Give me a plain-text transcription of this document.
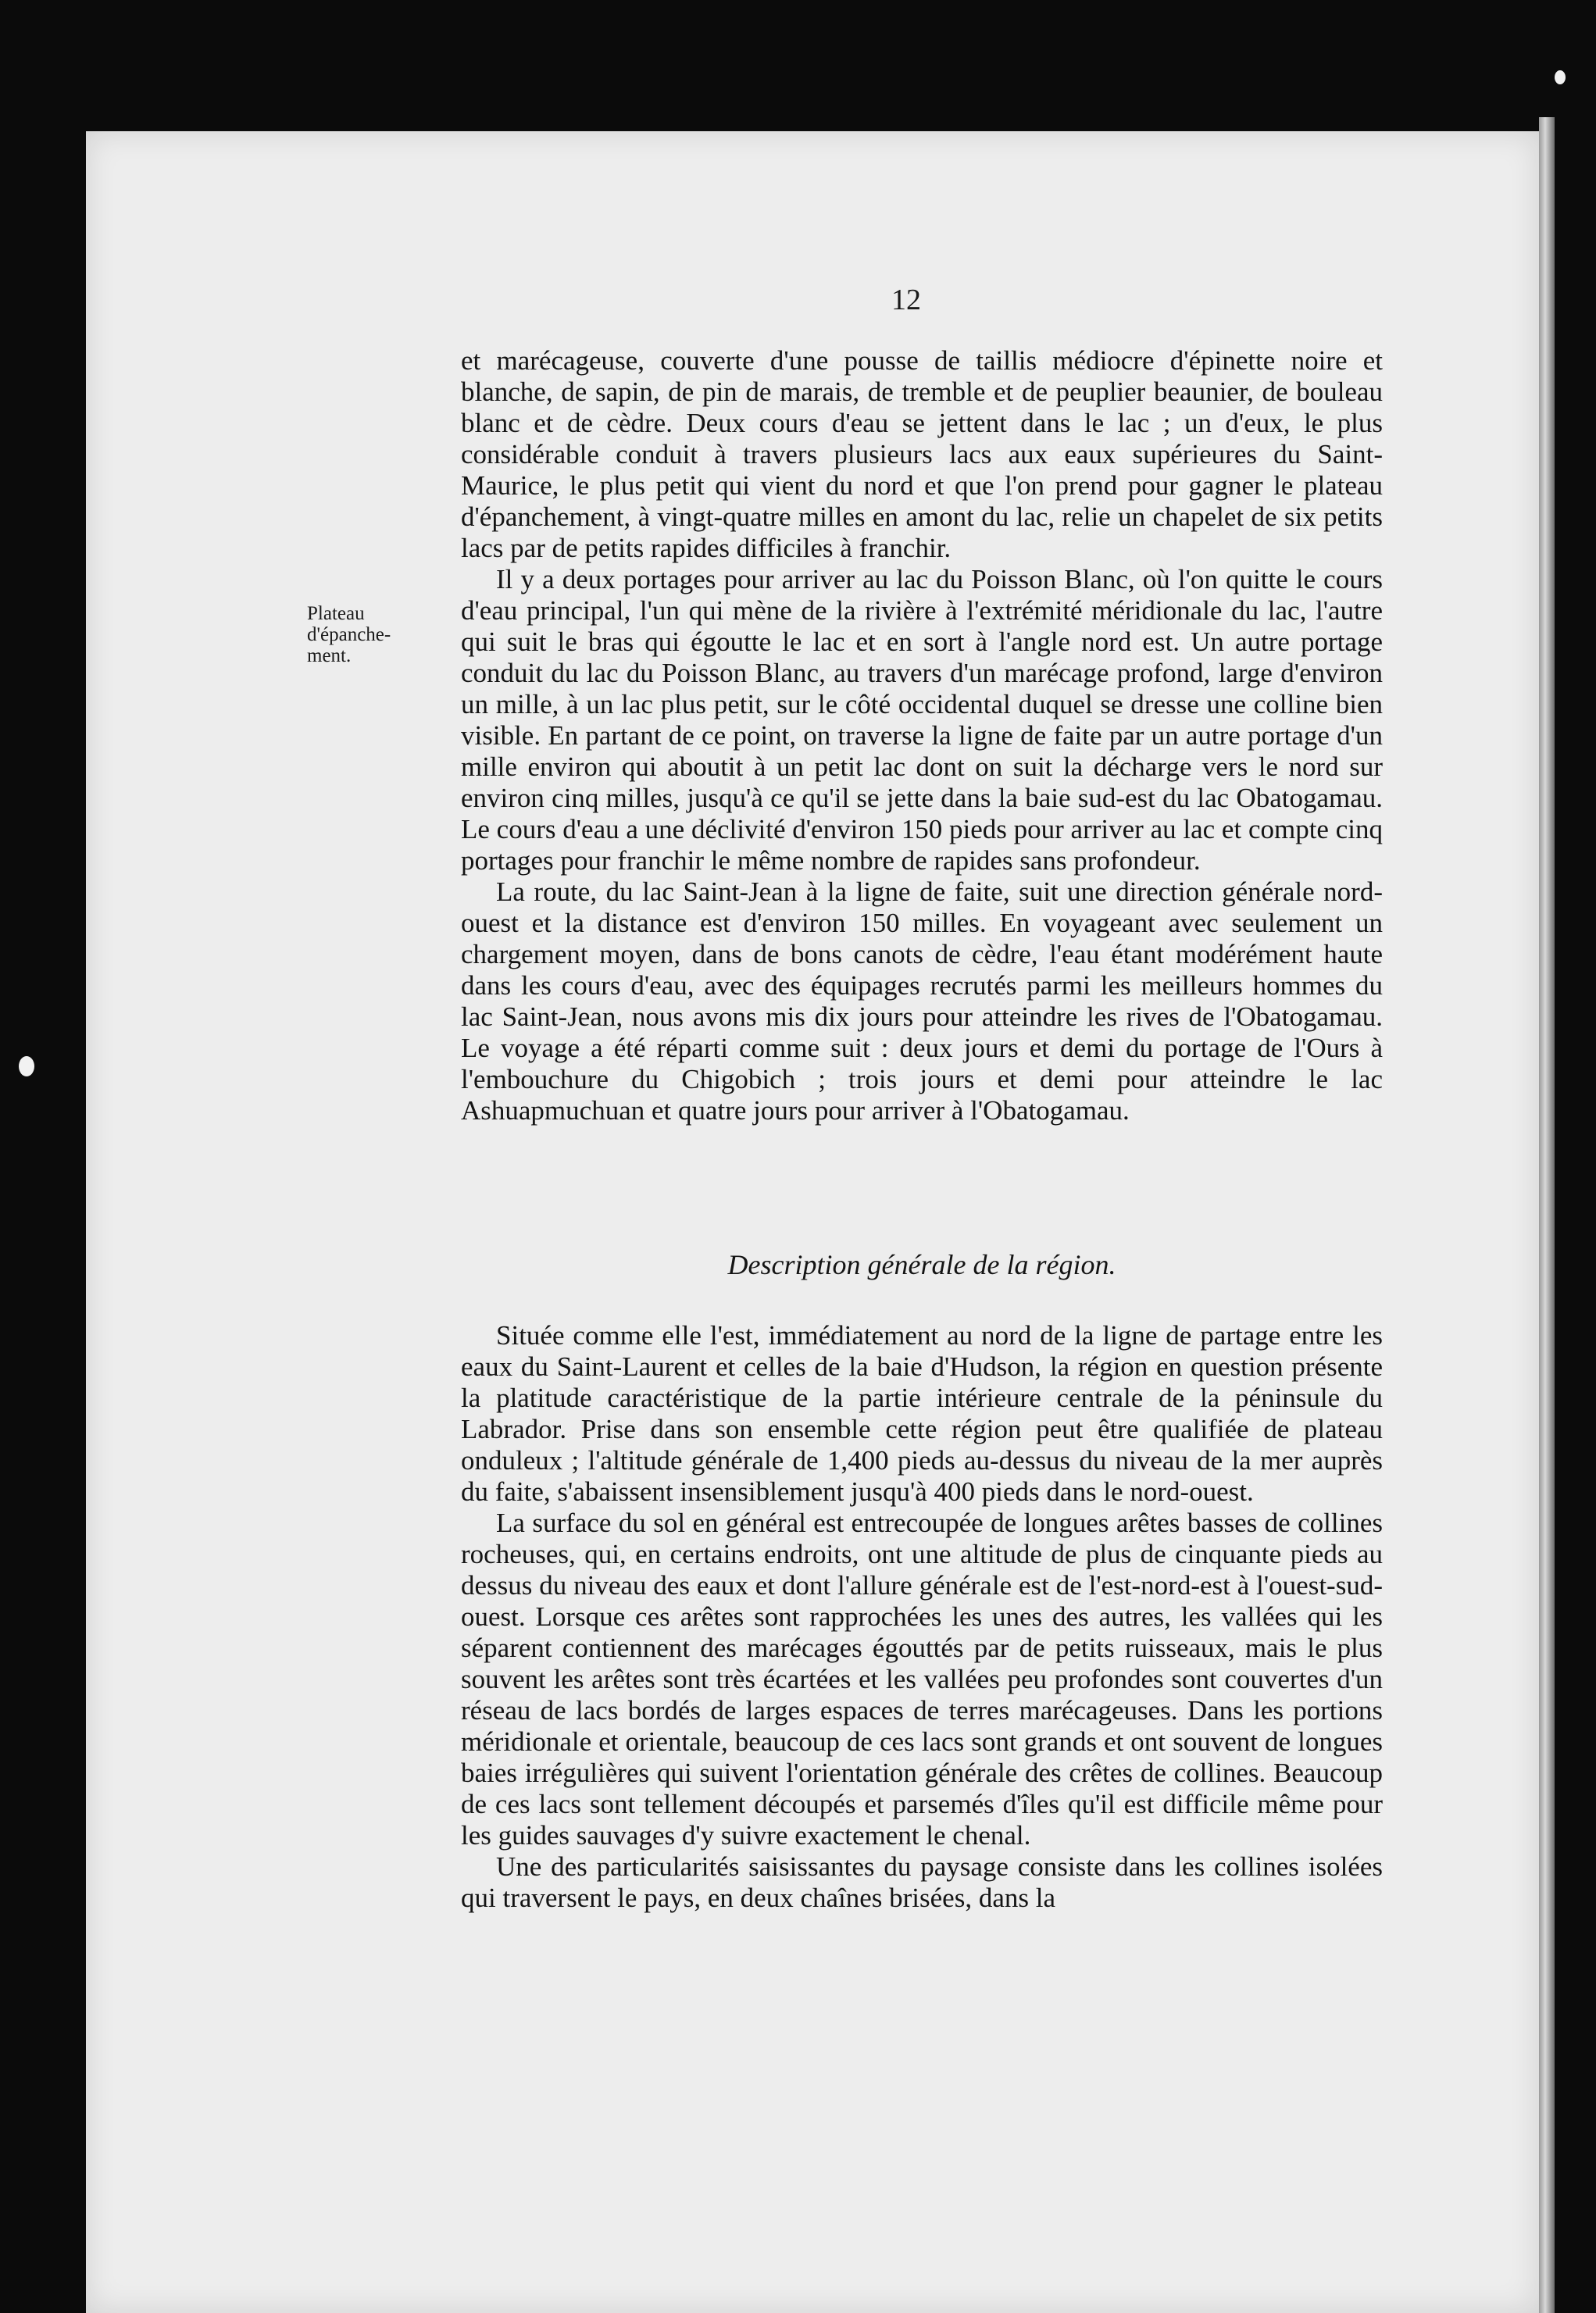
12
Plateau d'épanche-ment.

et marécageuse, couverte d'une pousse de taillis médiocre d'épinette noire et blanche, de sapin, de pin de marais, de tremble et de peuplier beaunier, de bouleau blanc et de cèdre. Deux cours d'eau se jettent dans le lac ; un d'eux, le plus considérable conduit à travers plusieurs lacs aux eaux supérieures du Saint-Maurice, le plus petit qui vient du nord et que l'on prend pour gagner le plateau d'épanchement, à vingt-quatre milles en amont du lac, relie un chapelet de six petits lacs par de petits rapides difficiles à franchir.

Il y a deux portages pour arriver au lac du Poisson Blanc, où l'on quitte le cours d'eau principal, l'un qui mène de la rivière à l'extrémité méridionale du lac, l'autre qui suit le bras qui égoutte le lac et en sort à l'angle nord est. Un autre portage conduit du lac du Poisson Blanc, au travers d'un marécage profond, large d'environ un mille, à un lac plus petit, sur le côté occidental duquel se dresse une colline bien visible. En partant de ce point, on traverse la ligne de faite par un autre portage d'un mille environ qui aboutit à un petit lac dont on suit la décharge vers le nord sur environ cinq milles, jusqu'à ce qu'il se jette dans la baie sud-est du lac Obatogamau. Le cours d'eau a une déclivité d'environ 150 pieds pour arriver au lac et compte cinq portages pour franchir le même nombre de rapides sans profondeur.

La route, du lac Saint-Jean à la ligne de faite, suit une direction générale nord-ouest et la distance est d'environ 150 milles. En voyageant avec seulement un chargement moyen, dans de bons canots de cèdre, l'eau étant modérément haute dans les cours d'eau, avec des équipages recrutés parmi les meilleurs hommes du lac Saint-Jean, nous avons mis dix jours pour atteindre les rives de l'Obatogamau. Le voyage a été réparti comme suit : deux jours et demi du portage de l'Ours à l'embouchure du Chigobich ; trois jours et demi pour atteindre le lac Ashuapmuchuan et quatre jours pour arriver à l'Obatogamau.

Description générale de la région.

Située comme elle l'est, immédiatement au nord de la ligne de partage entre les eaux du Saint-Laurent et celles de la baie d'Hudson, la région en question présente la platitude caractéristique de la partie intérieure centrale de la péninsule du Labrador. Prise dans son ensemble cette région peut être qualifiée de plateau onduleux ; l'altitude générale de 1,400 pieds au-dessus du niveau de la mer auprès du faite, s'abaissent insensiblement jusqu'à 400 pieds dans le nord-ouest.

La surface du sol en général est entrecoupée de longues arêtes basses de collines rocheuses, qui, en certains endroits, ont une altitude de plus de cinquante pieds au dessus du niveau des eaux et dont l'allure générale est de l'est-nord-est à l'ouest-sud-ouest. Lorsque ces arêtes sont rapprochées les unes des autres, les vallées qui les séparent contiennent des marécages égouttés par de petits ruisseaux, mais le plus souvent les arêtes sont très écartées et les vallées peu profondes sont couvertes d'un réseau de lacs bordés de larges espaces de terres marécageuses. Dans les portions méridionale et orientale, beaucoup de ces lacs sont grands et ont souvent de longues baies irrégulières qui suivent l'orientation générale des crêtes de collines. Beaucoup de ces lacs sont tellement découpés et parsemés d'îles qu'il est difficile même pour les guides sauvages d'y suivre exactement le chenal.

Une des particularités saisissantes du paysage consiste dans les collines isolées qui traversent le pays, en deux chaînes brisées, dans la
